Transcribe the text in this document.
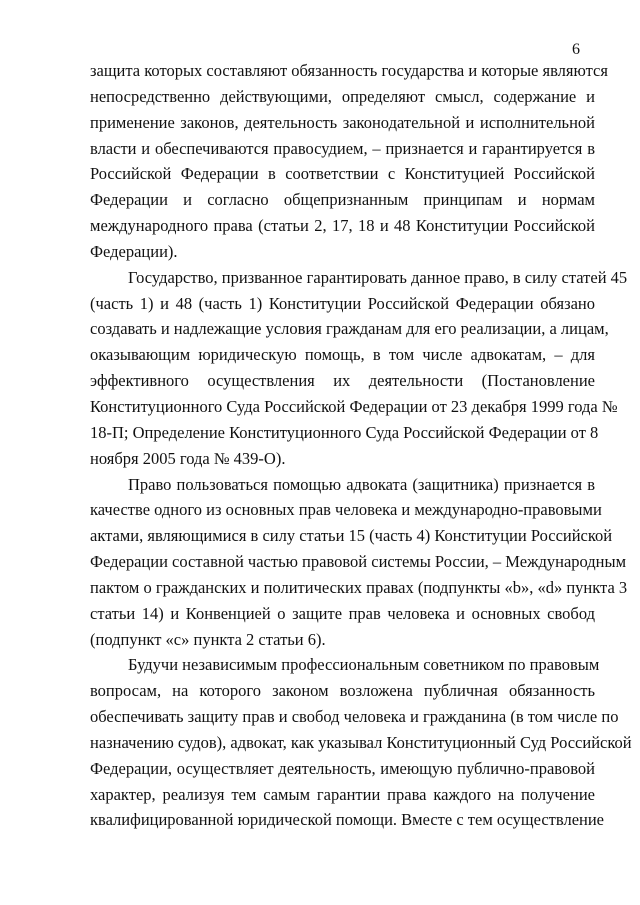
6
защита которых составляют обязанность государства и которые являются
непосредственно действующими, определяют смысл, содержание и
применение законов, деятельность законодательной и исполнительной
власти и обеспечиваются правосудием, – признается и гарантируется в
Российской Федерации в соответствии с Конституцией Российской
Федерации и согласно общепризнанным принципам и нормам
международного права (статьи 2, 17, 18 и 48 Конституции Российской
Федерации).
Государство, призванное гарантировать данное право, в силу статей 45
(часть 1) и 48 (часть 1) Конституции Российской Федерации обязано
создавать и надлежащие условия гражданам для его реализации, а лицам,
оказывающим юридическую помощь, в том числе адвокатам, – для
эффективного осуществления их деятельности (Постановление
Конституционного Суда Российской Федерации от 23 декабря 1999 года №
18-П; Определение Конституционного Суда Российской Федерации от 8
ноября 2005 года № 439-О).
Право пользоваться помощью адвоката (защитника) признается в
качестве одного из основных прав человека и международно-правовыми
актами, являющимися в силу статьи 15 (часть 4) Конституции Российской
Федерации составной частью правовой системы России, – Международным
пактом о гражданских и политических правах (подпункты «b», «d» пункта 3
статьи 14) и Конвенцией о защите прав человека и основных свобод
(подпункт «c» пункта 2 статьи 6).
Будучи независимым профессиональным советником по правовым
вопросам, на которого законом возложена публичная обязанность
обеспечивать защиту прав и свобод человека и гражданина (в том числе по
назначению судов), адвокат, как указывал Конституционный Суд Российской
Федерации, осуществляет деятельность, имеющую публично-правовой
характер, реализуя тем самым гарантии права каждого на получение
квалифицированной юридической помощи. Вместе с тем осуществление
